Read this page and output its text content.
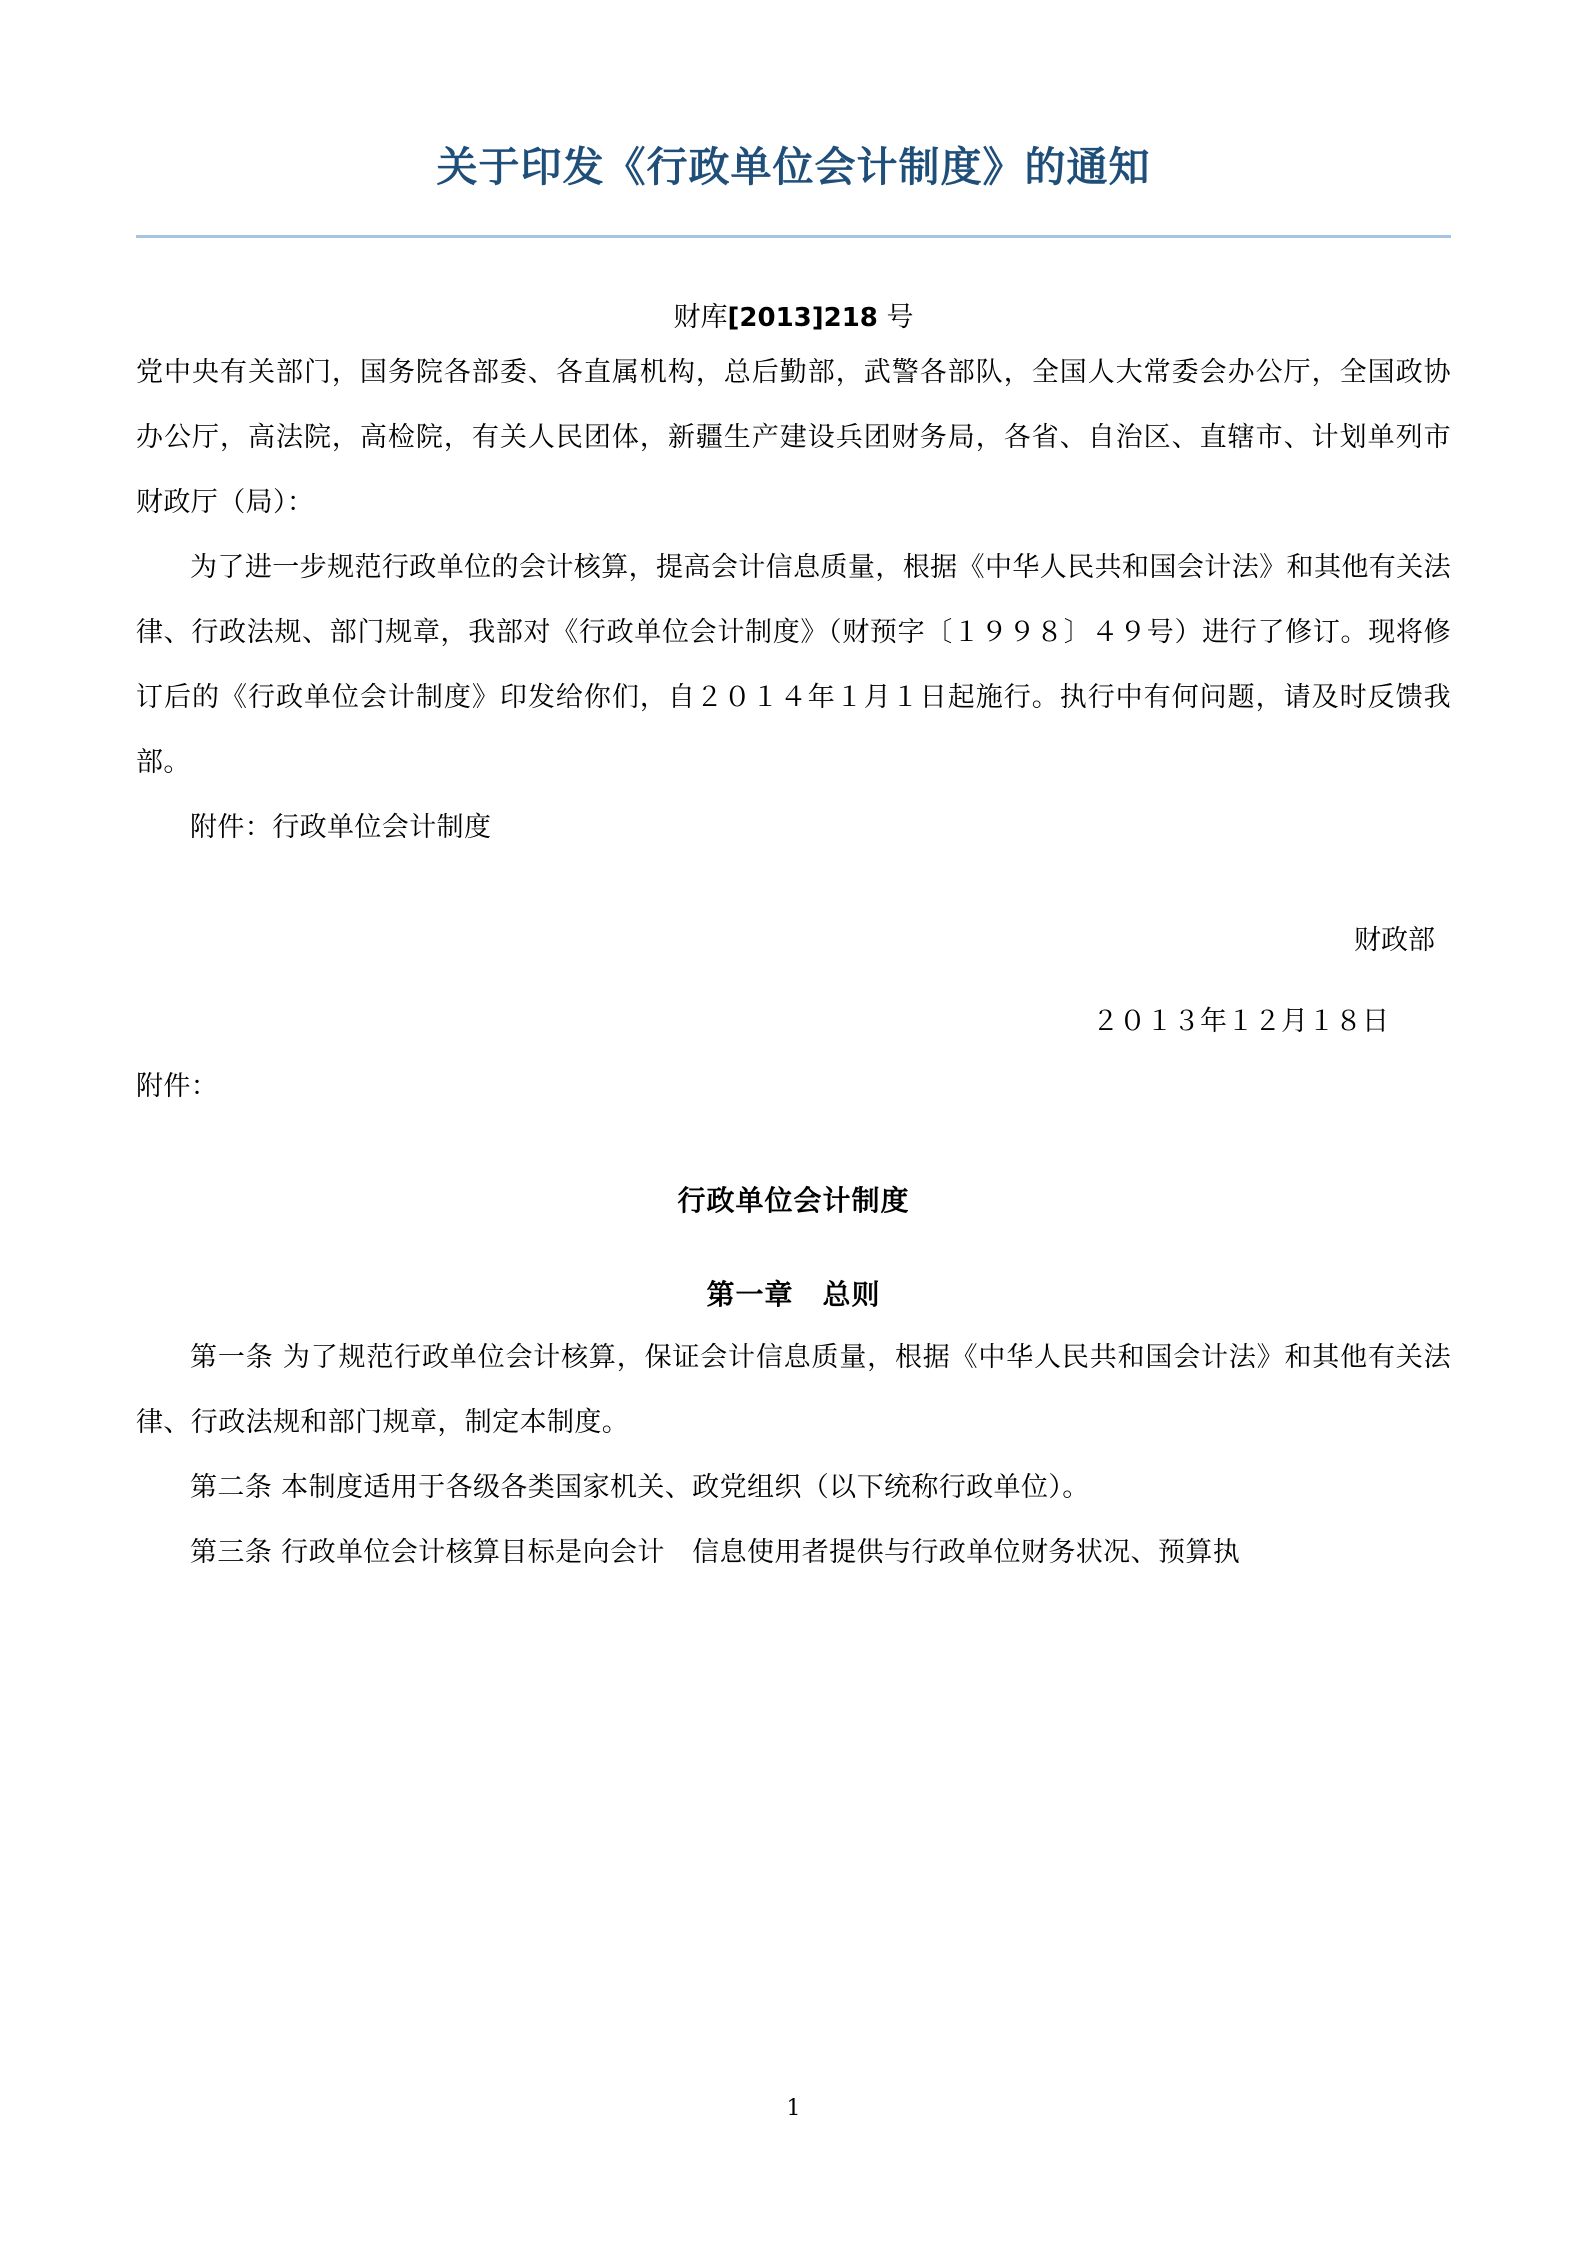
关于印发《行政单位会计制度》的通知
财库[2013]218 号

党中央有关部门，国务院各部委、各直属机构，总后勤部，武警各部队，全国人大常委会办公厅，全国政协办公厅，高法院，高检院，有关人民团体，新疆生产建设兵团财务局，各省、自治区、直辖市、计划单列市财政厅（局）：

为了进一步规范行政单位的会计核算，提高会计信息质量，根据《中华人民共和国会计法》和其他有关法律、行政法规、部门规章，我部对《行政单位会计制度》（财预字〔１９９８〕４９号）进行了修订。现将修订后的《行政单位会计制度》印发给你们，自２０１４年１月１日起施行。执行中有何问题，请及时反馈我部。

附件：行政单位会计制度

财政部
２０１３年１２月１８日

附件：

行政单位会计制度
第一章　总则

第一条 为了规范行政单位会计核算，保证会计信息质量，根据《中华人民共和国会计法》和其他有关法律、行政法规和部门规章，制定本制度。

第二条 本制度适用于各级各类国家机关、政党组织（以下统称行政单位）。

第三条 行政单位会计核算目标是向会计　信息使用者提供与行政单位财务状况、预算执

1
